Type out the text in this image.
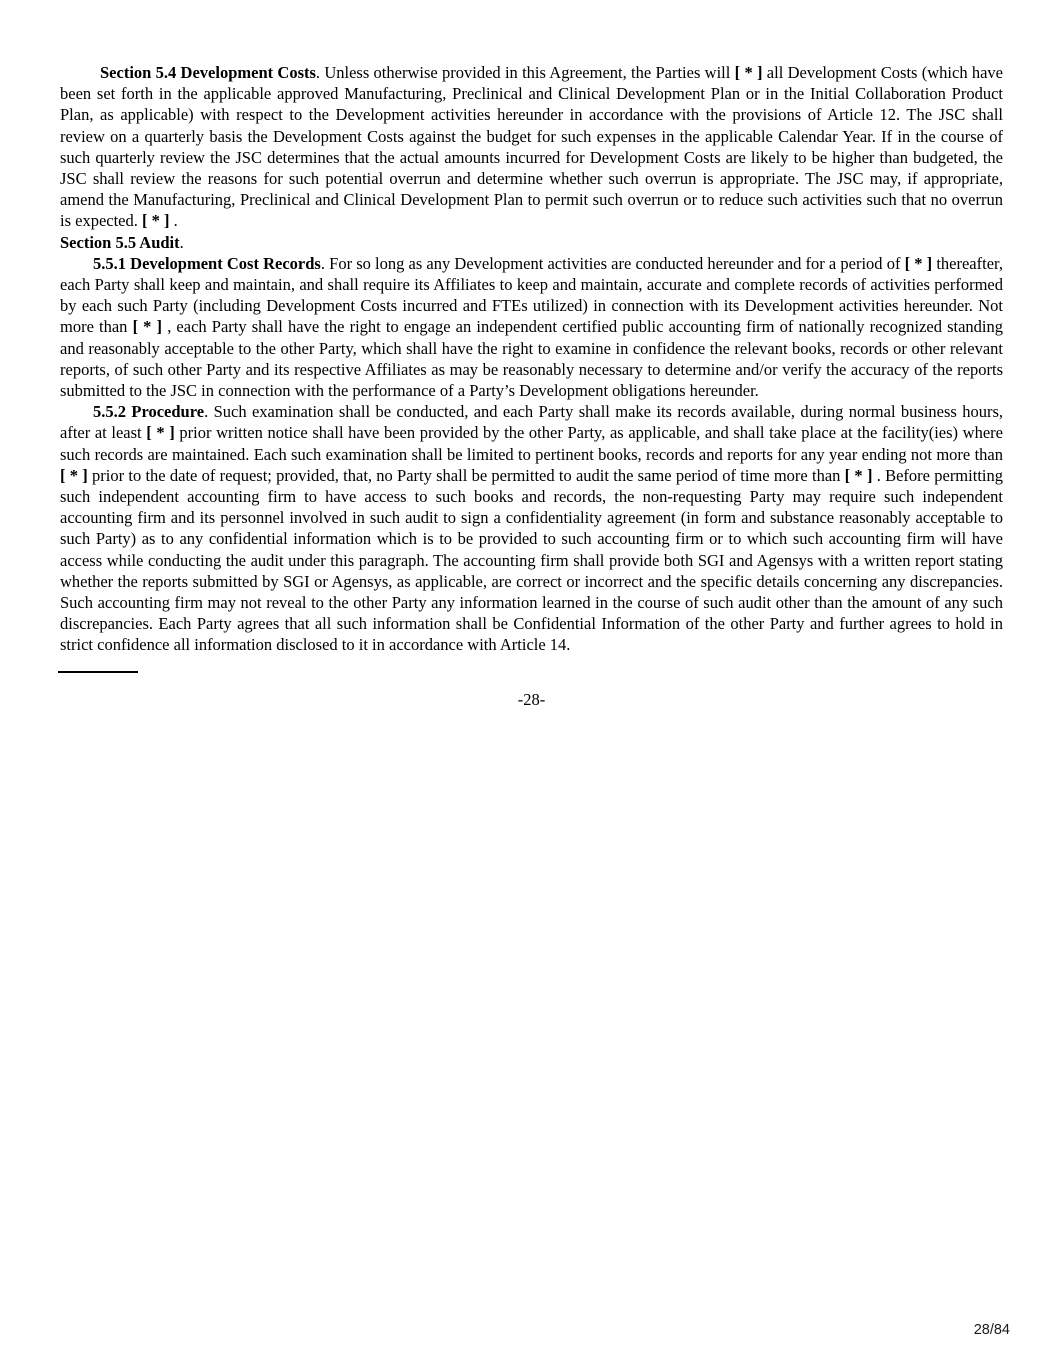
Section 5.4 Development Costs. Unless otherwise provided in this Agreement, the Parties will [ * ] all Development Costs (which have been set forth in the applicable approved Manufacturing, Preclinical and Clinical Development Plan or in the Initial Collaboration Product Plan, as applicable) with respect to the Development activities hereunder in accordance with the provisions of Article 12. The JSC shall review on a quarterly basis the Development Costs against the budget for such expenses in the applicable Calendar Year. If in the course of such quarterly review the JSC determines that the actual amounts incurred for Development Costs are likely to be higher than budgeted, the JSC shall review the reasons for such potential overrun and determine whether such overrun is appropriate. The JSC may, if appropriate, amend the Manufacturing, Preclinical and Clinical Development Plan to permit such overrun or to reduce such activities such that no overrun is expected. [ * ] .

Section 5.5 Audit.

5.5.1 Development Cost Records. For so long as any Development activities are conducted hereunder and for a period of [ * ] thereafter, each Party shall keep and maintain, and shall require its Affiliates to keep and maintain, accurate and complete records of activities performed by each such Party (including Development Costs incurred and FTEs utilized) in connection with its Development activities hereunder. Not more than [ * ] , each Party shall have the right to engage an independent certified public accounting firm of nationally recognized standing and reasonably acceptable to the other Party, which shall have the right to examine in confidence the relevant books, records or other relevant reports, of such other Party and its respective Affiliates as may be reasonably necessary to determine and/or verify the accuracy of the reports submitted to the JSC in connection with the performance of a Party’s Development obligations hereunder.

5.5.2 Procedure. Such examination shall be conducted, and each Party shall make its records available, during normal business hours, after at least [ * ] prior written notice shall have been provided by the other Party, as applicable, and shall take place at the facility(ies) where such records are maintained. Each such examination shall be limited to pertinent books, records and reports for any year ending not more than [ * ] prior to the date of request; provided, that, no Party shall be permitted to audit the same period of time more than [ * ] . Before permitting such independent accounting firm to have access to such books and records, the non-requesting Party may require such independent accounting firm and its personnel involved in such audit to sign a confidentiality agreement (in form and substance reasonably acceptable to such Party) as to any confidential information which is to be provided to such accounting firm or to which such accounting firm will have access while conducting the audit under this paragraph. The accounting firm shall provide both SGI and Agensys with a written report stating whether the reports submitted by SGI or Agensys, as applicable, are correct or incorrect and the specific details concerning any discrepancies. Such accounting firm may not reveal to the other Party any information learned in the course of such audit other than the amount of any such discrepancies. Each Party agrees that all such information shall be Confidential Information of the other Party and further agrees to hold in strict confidence all information disclosed to it in accordance with Article 14.

-28-
28/84
